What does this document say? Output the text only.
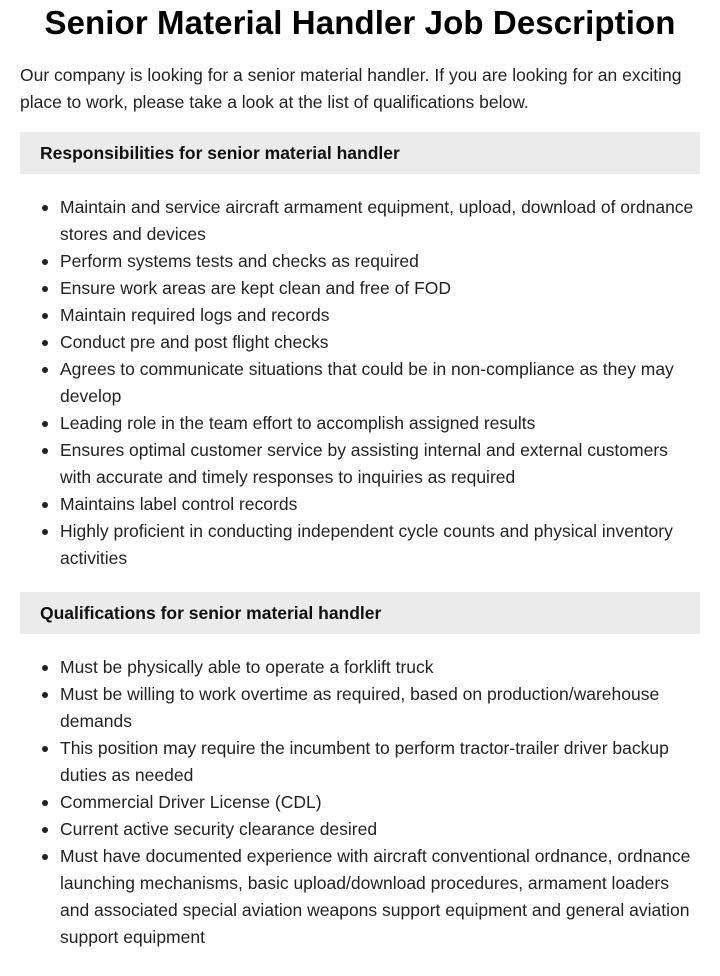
Senior Material Handler Job Description

Our company is looking for a senior material handler. If you are looking for an exciting place to work, please take a look at the list of qualifications below.

Responsibilities for senior material handler
Maintain and service aircraft armament equipment, upload, download of ordnance stores and devices
Perform systems tests and checks as required
Ensure work areas are kept clean and free of FOD
Maintain required logs and records
Conduct pre and post flight checks
Agrees to communicate situations that could be in non-compliance as they may develop
Leading role in the team effort to accomplish assigned results
Ensures optimal customer service by assisting internal and external customers with accurate and timely responses to inquiries as required
Maintains label control records
Highly proficient in conducting independent cycle counts and physical inventory activities
Qualifications for senior material handler
Must be physically able to operate a forklift truck
Must be willing to work overtime as required, based on production/warehouse demands
This position may require the incumbent to perform tractor-trailer driver backup duties as needed
Commercial Driver License (CDL)
Current active security clearance desired
Must have documented experience with aircraft conventional ordnance, ordnance launching mechanisms, basic upload/download procedures, armament loaders and associated special aviation weapons support equipment and general aviation support equipment
